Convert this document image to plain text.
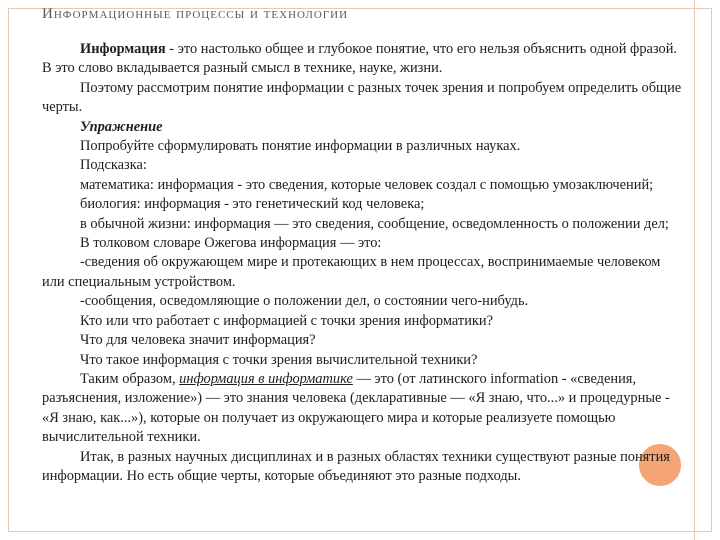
Информационные процессы и технологии

Информация - это настолько общее и глубокое понятие, что его нельзя объяснить одной фразой. В это слово вкладывается разный смысл в технике, науке, жизни.

Поэтому рассмотрим понятие информации с разных точек зрения и попробуем определить общие черты.

Упражнение

Попробуйте сформулировать понятие информации в различных науках.

Подсказка:

математика: информация - это сведения, которые человек создал с помощью умозаключений;

биология: информация - это генетический код человека;

в обычной жизни: информация — это сведения, сообщение, осведомленность о положении дел;

В толковом словаре Ожегова информация — это:

-сведения об окружающем мире и протекающих в нем процессах, воспринимаемые человеком или специальным устройством.

-сообщения, осведомляющие о положении дел, о состоянии чего-нибудь.

Кто или что работает с информацией с точки зрения информатики?

Что для человека значит информация?

Что такое информация с точки зрения вычислительной техники?

Таким образом, информация в информатике — это (от латинского information - «сведения, разъяснения, изложение») — это знания человека (декларативные — «Я знаю, что...» и процедурные - «Я знаю, как...»), которые он получает из окружающего мира и которые реализуете помощью вычислительной техники.

Итак, в разных научных дисциплинах и в разных областях техники существуют разные понятия информации. Но есть общие черты, которые объединяют это разные подходы.
